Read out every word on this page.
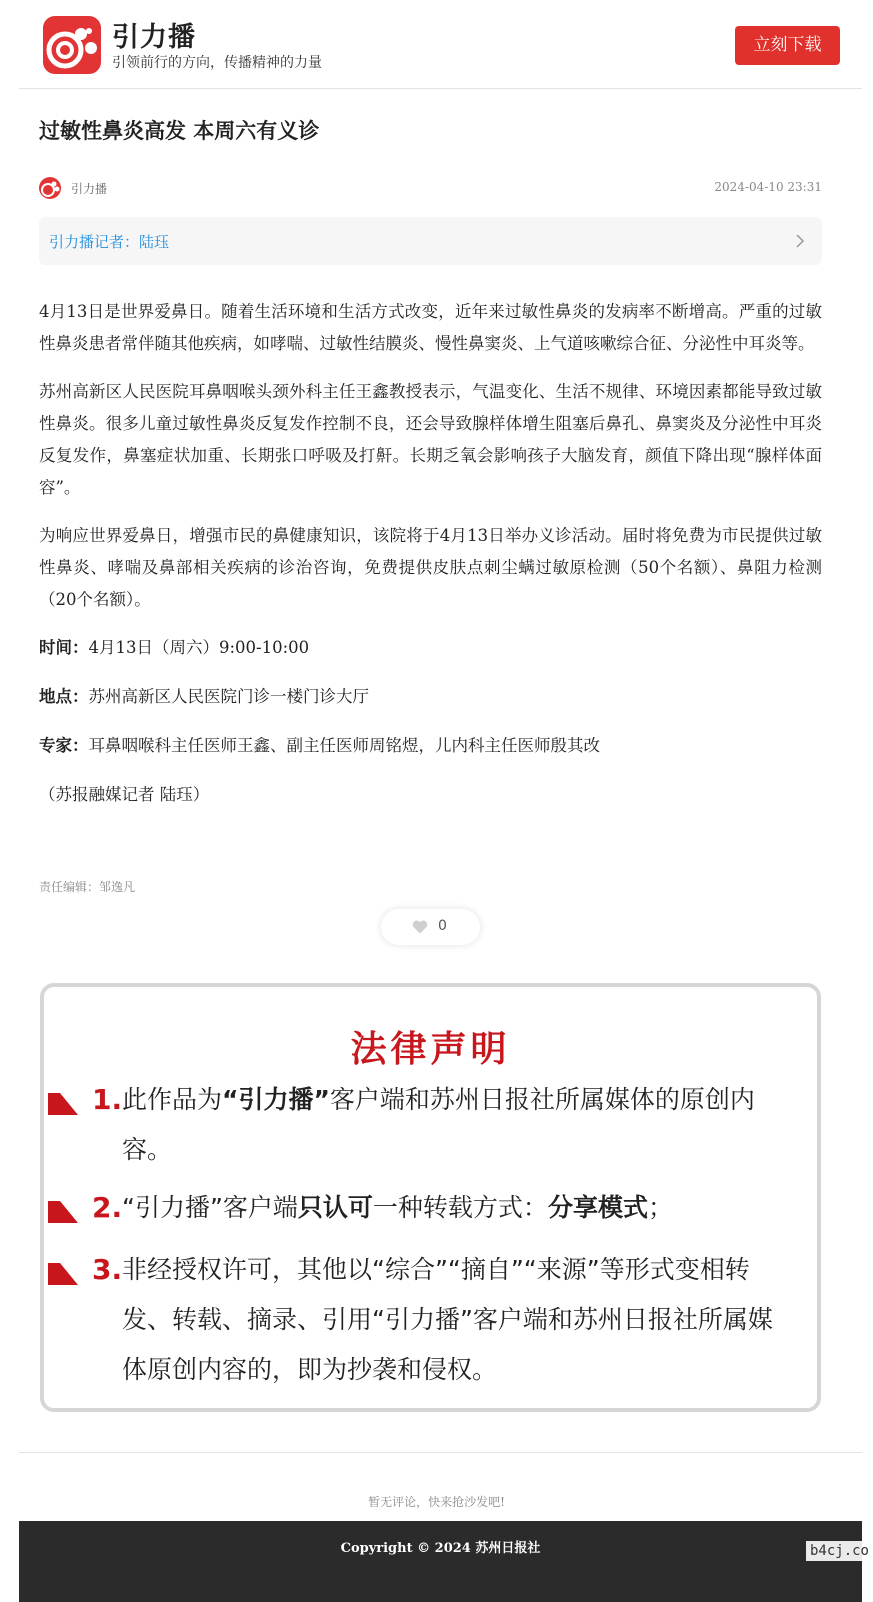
引力播
引领前行的方向，传播精神的力量
立刻下载
过敏性鼻炎高发 本周六有义诊
引力播	2024-04-10 23:31
引力播记者：陆珏

4月13日是世界爱鼻日。随着生活环境和生活方式改变，近年来过敏性鼻炎的发病率不断增高。严重的过敏性鼻炎患者常伴随其他疾病，如哮喘、过敏性结膜炎、慢性鼻窦炎、上气道咳嗽综合征、分泌性中耳炎等。

苏州高新区人民医院耳鼻咽喉头颈外科主任王鑫教授表示，气温变化、生活不规律、环境因素都能导致过敏性鼻炎。很多儿童过敏性鼻炎反复发作控制不良，还会导致腺样体增生阻塞后鼻孔、鼻窦炎及分泌性中耳炎反复发作，鼻塞症状加重、长期张口呼吸及打鼾。长期乏氧会影响孩子大脑发育，颜值下降出现“腺样体面容”。

为响应世界爱鼻日，增强市民的鼻健康知识，该院将于4月13日举办义诊活动。届时将免费为市民提供过敏性鼻炎、哮喘及鼻部相关疾病的诊治咨询，免费提供皮肤点刺尘螨过敏原检测（50个名额）、鼻阻力检测（20个名额）。

时间：4月13日（周六）9:00-10:00
地点：苏州高新区人民医院门诊一楼门诊大厅
专家：耳鼻咽喉科主任医师王鑫、副主任医师周铭煜，儿内科主任医师殷其改
（苏报融媒记者 陆珏）
责任编辑：邹逸凡
0
法律声明
1. 此作品为“引力播”客户端和苏州日报社所属媒体的原创内容。
2. “引力播”客户端只认可一种转载方式：分享模式；
3. 非经授权许可，其他以“综合”“摘自”“来源”等形式变相转发、转载、摘录、引用“引力播”客户端和苏州日报社所属媒体原创内容的，即为抄袭和侵权。
暂无评论，快来抢沙发吧!
Copyright © 2024 苏州日报社	b4cj.co
